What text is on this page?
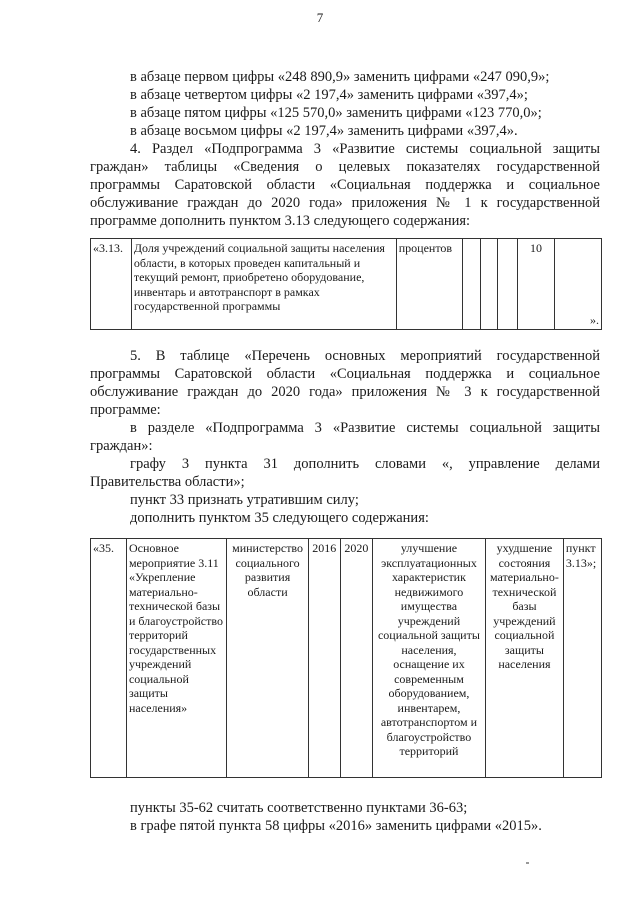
7

в абзаце первом цифры «248 890,9» заменить цифрами «247 090,9»;

в абзаце четвертом цифры «2 197,4» заменить цифрами «397,4»;

в абзаце пятом цифры «125 570,0» заменить цифрами «123 770,0»;

в абзаце восьмом цифры «2 197,4» заменить цифрами «397,4».

4. Раздел «Подпрограмма 3 «Развитие системы социальной защиты

граждан» таблицы «Сведения о целевых показателях государственной

программы Саратовской области «Социальная поддержка и социальное

обслуживание граждан до 2020 года» приложения № 1 к государственной

программе дополнить пунктом 3.13 следующего содержания:

«3.13.	Доля учреждений социальной защиты населения области, в которых проведен капитальный и текущий ремонт, приобретено оборудование, инвентарь и автотранспорт в рамках государственной программы	процентов				10	».

5. В таблице «Перечень основных мероприятий государственной

программы Саратовской области «Социальная поддержка и социальное

обслуживание граждан до 2020 года» приложения № 3 к государственной

программе:

в разделе «Подпрограмма 3 «Развитие системы социальной защиты

граждан»:

графу 3 пункта 31 дополнить словами «, управление делами

Правительства области»;

пункт 33 признать утратившим силу;

дополнить пунктом 35 следующего содержания:

«35.	Основное мероприятие 3.11 «Укрепление материально-технической базы и благоустройство территорий государственных учреждений социальной защиты населения»	министерство социального развития области	2016	2020	улучшение эксплуатационных характеристик недвижимого имущества учреждений социальной защиты населения, оснащение их современным оборудованием, инвентарем, автотранспортом и благоустройство территорий	ухудшение состояния материально-технической базы учреждений социальной защиты населения	пункт 3.13»;

пункты 35-62 считать соответственно пунктами 36-63;

в графе пятой пункта 58 цифры «2016» заменить цифрами «2015».
